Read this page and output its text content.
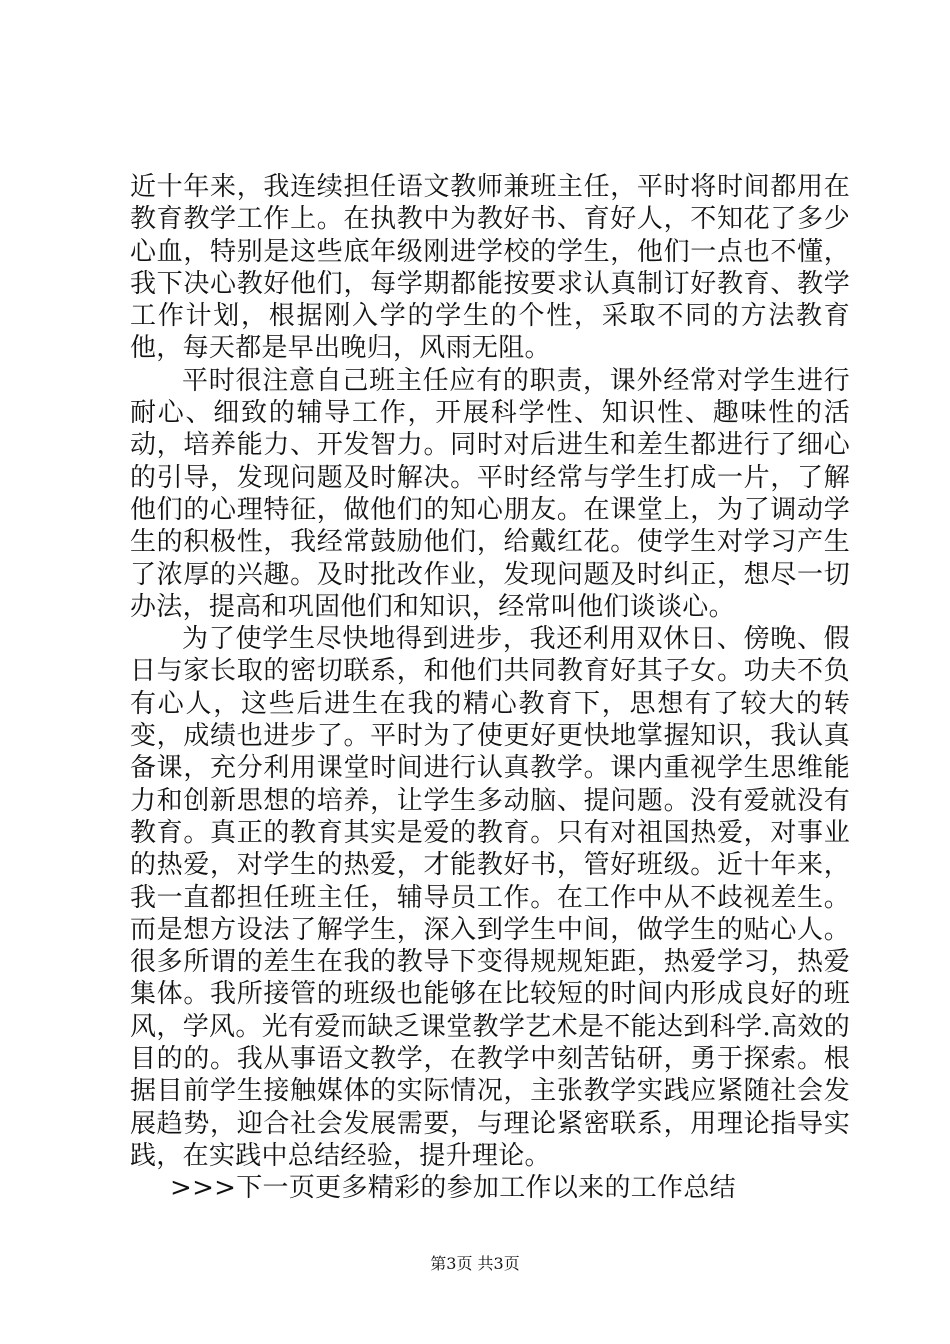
近十年来，我连续担任语文教师兼班主任，平时将时间都用在教育教学工作上。在执教中为教好书、育好人，不知花了多少心血，特别是这些底年级刚进学校的学生，他们一点也不懂，我下决心教好他们，每学期都能按要求认真制订好教育、教学工作计划，根据刚入学的学生的个性，采取不同的方法教育他，每天都是早出晚归，风雨无阻。

平时很注意自己班主任应有的职责，课外经常对学生进行耐心、细致的辅导工作，开展科学性、知识性、趣味性的活动，培养能力、开发智力。同时对后进生和差生都进行了细心的引导，发现问题及时解决。平时经常与学生打成一片，了解他们的心理特征，做他们的知心朋友。在课堂上，为了调动学生的积极性，我经常鼓励他们，给戴红花。使学生对学习产生了浓厚的兴趣。及时批改作业，发现问题及时纠正，想尽一切办法，提高和巩固他们和知识，经常叫他们谈谈心。

为了使学生尽快地得到进步，我还利用双休日、傍晚、假日与家长取的密切联系，和他们共同教育好其子女。功夫不负有心人，这些后进生在我的精心教育下，思想有了较大的转变，成绩也进步了。平时为了使更好更快地掌握知识，我认真备课，充分利用课堂时间进行认真教学。课内重视学生思维能力和创新思想的培养，让学生多动脑、提问题。没有爱就没有教育。真正的教育其实是爱的教育。只有对祖国热爱，对事业的热爱，对学生的热爱，才能教好书，管好班级。近十年来，我一直都担任班主任，辅导员工作。在工作中从不歧视差生。而是想方设法了解学生，深入到学生中间，做学生的贴心人。很多所谓的差生在我的教导下变得规规矩距，热爱学习，热爱集体。我所接管的班级也能够在比较短的时间内形成良好的班风，学风。光有爱而缺乏课堂教学艺术是不能达到科学.高效的目的的。我从事语文教学，在教学中刻苦钻研，勇于探索。根据目前学生接触媒体的实际情况，主张教学实践应紧随社会发展趋势，迎合社会发展需要，与理论紧密联系，用理论指导实践，在实践中总结经验，提升理论。

>>>下一页更多精彩的参加工作以来的工作总结

第3页 共3页
